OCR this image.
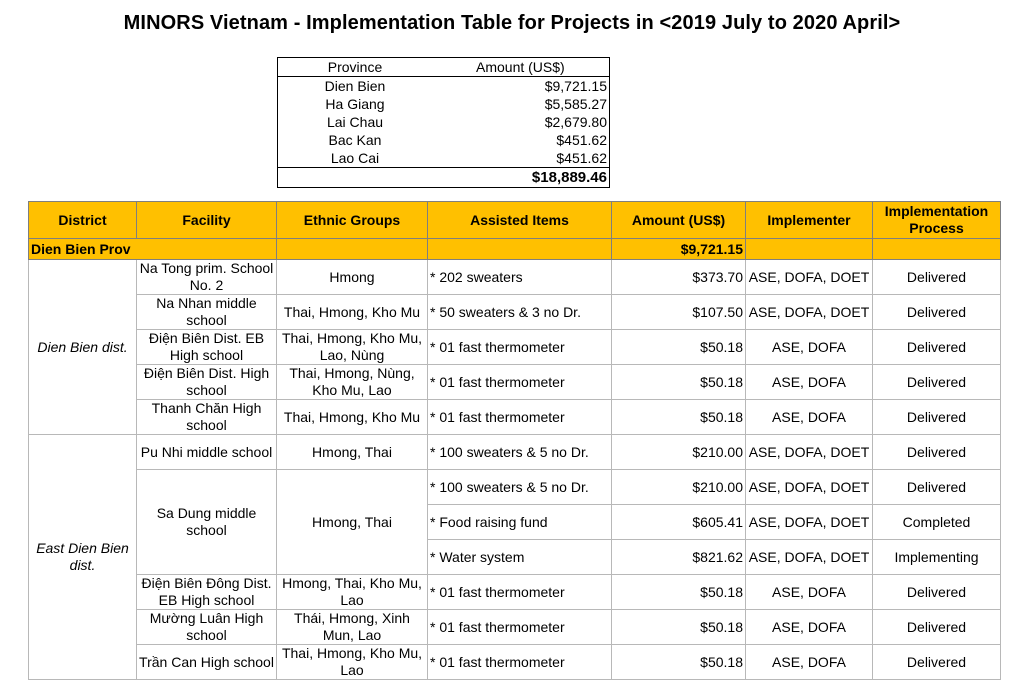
MINORS Vietnam - Implementation Table for Projects in <2019 July to 2020 April>
Province	Amount (US$)
Dien Bien	$9,721.15
Ha Giang	$5,585.27
Lai Chau	$2,679.80
Bac Kan	$451.62
Lao Cai	$451.62
	$18,889.46
District	Facility	Ethnic Groups	Assisted Items	Amount (US$)	Implementer	Implementation Process
Dien Bien Prov				$9,721.15		
Dien Bien dist.	Na Tong prim. School No. 2	Hmong	* 202 sweaters	$373.70	ASE, DOFA, DOET	Delivered
	Na Nhan middle school	Thai, Hmong, Kho Mu	* 50 sweaters & 3 no Dr.	$107.50	ASE, DOFA, DOET	Delivered
	Điện Biên Dist. EB High school	Thai, Hmong, Kho Mu, Lao, Nùng	* 01 fast thermometer	$50.18	ASE, DOFA	Delivered
	Điện Biên Dist. High school	Thai, Hmong, Nùng, Kho Mu, Lao	* 01 fast thermometer	$50.18	ASE, DOFA	Delivered
	Thanh Chăn High school	Thai, Hmong, Kho Mu	* 01 fast thermometer	$50.18	ASE, DOFA	Delivered
East Dien Bien dist.	Pu Nhi middle school	Hmong, Thai	* 100 sweaters & 5 no Dr.	$210.00	ASE, DOFA, DOET	Delivered
	Sa Dung middle school	Hmong, Thai	* 100 sweaters & 5 no Dr.	$210.00	ASE, DOFA, DOET	Delivered
			* Food raising fund	$605.41	ASE, DOFA, DOET	Completed
			* Water system	$821.62	ASE, DOFA, DOET	Implementing
	Điện Biên Đông Dist. EB High school	Hmong, Thai, Kho Mu, Lao	* 01 fast thermometer	$50.18	ASE, DOFA	Delivered
	Mường Luân High school	Thái, Hmong, Xinh Mun, Lao	* 01 fast thermometer	$50.18	ASE, DOFA	Delivered
	Trần Can High school	Thai, Hmong, Kho Mu, Lao	* 01 fast thermometer	$50.18	ASE, DOFA	Delivered
